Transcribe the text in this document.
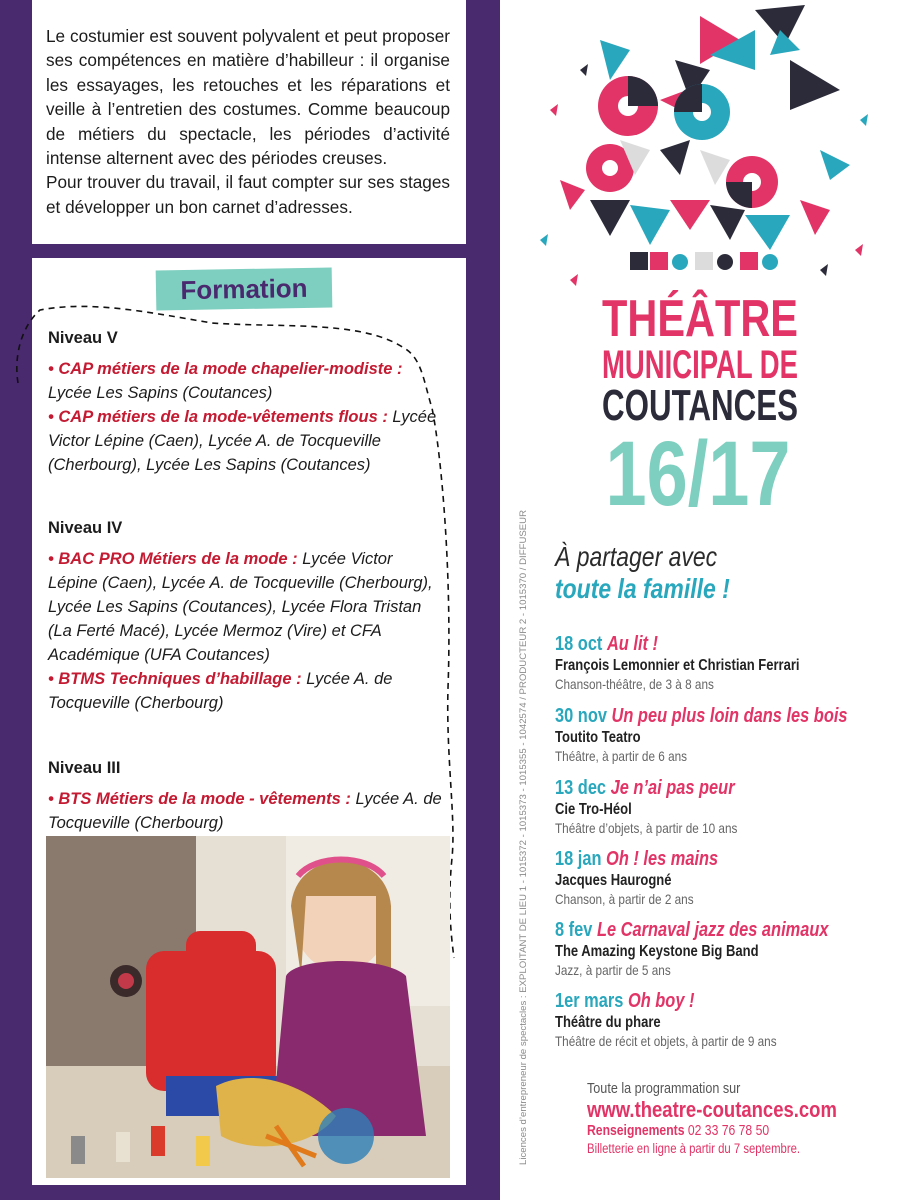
Le costumier est souvent polyvalent et peut proposer ses compétences en matière d’habilleur : il organise les essayages, les retouches et les réparations et veille à l’entretien des costumes. Comme beaucoup de métiers du spectacle, les périodes d’activité intense alternent avec des périodes creuses.
Pour trouver du travail, il faut compter sur ses stages et développer un bon carnet d’adresses.

Formation
Niveau V

• CAP métiers de la mode chapelier-modiste : Lycée Les Sapins (Coutances)
• CAP métiers de la mode-vêtements flous : Lycée Victor Lépine (Caen), Lycée A. de Tocqueville (Cherbourg), Lycée Les Sapins (Coutances)

Niveau IV

• BAC PRO Métiers de la mode : Lycée Victor Lépine (Caen), Lycée A. de Tocqueville (Cherbourg), Lycée Les Sapins (Coutances), Lycée Flora Tristan (La Ferté Macé), Lycée Mermoz (Vire) et CFA Académique (UFA Coutances)
• BTMS Techniques d’habillage : Lycée A. de Tocqueville (Cherbourg)

Niveau III

• BTS Métiers de la mode - vêtements : Lycée A. de Tocqueville (Cherbourg)

THÉÂTRE
MUNICIPAL DE
COUTANCES
16/17
Licences d’entrepreneur de spectacles : EXPLOITANT DE LIEU 1 - 1015372 - 1015373 - 1015355 - 1042574 / PRODUCTEUR 2 - 1015370 / DIFFUSEUR À partager avec
toute la famille !
18 oct Au lit !
François Lemonnier et Christian Ferrari
Chanson-théâtre, de 3 à 8 ans
30 nov Un peu plus loin dans les bois
Toutito Teatro
Théâtre, à partir de 6 ans
13 dec Je n’ai pas peur
Cie Tro-Héol
Théâtre d’objets, à partir de 10 ans
18 jan Oh ! les mains
Jacques Haurogné
Chanson, à partir de 2 ans
8 fev Le Carnaval jazz des animaux
The Amazing Keystone Big Band
Jazz, à partir de 5 ans
1er mars Oh boy !
Théâtre du phare
Théâtre de récit et objets, à partir de 9 ans
Toute la programmation sur
www.theatre-coutances.com
Renseignements 02 33 76 78 50
Billetterie en ligne à partir du 7 septembre.
